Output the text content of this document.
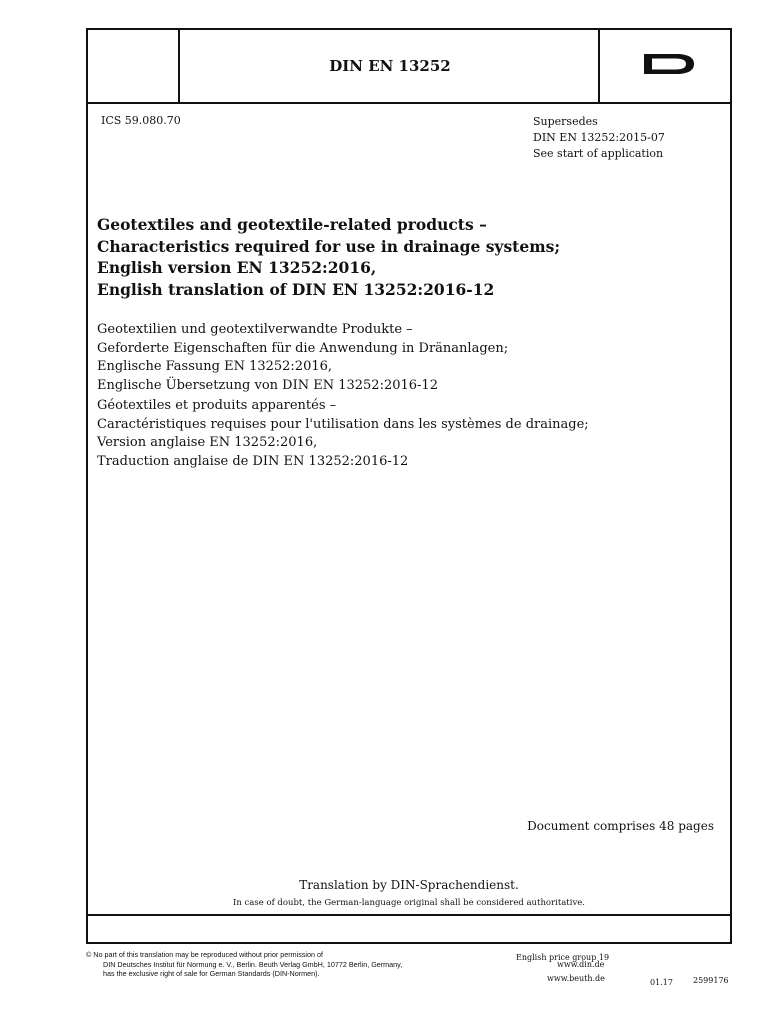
DIN EN 13252
ICS 59.080.70	Supersedes
DIN EN 13252:2015-07
See start of application
Geotextiles and geotextile-related products –
Characteristics required for use in drainage systems;
English version EN 13252:2016,
English translation of DIN EN 13252:2016-12
Geotextilien und geotextilverwandte Produkte –
Geforderte Eigenschaften für die Anwendung in Dränanlagen;
Englische Fassung EN 13252:2016,
Englische Übersetzung von DIN EN 13252:2016-12
Géotextiles et produits apparentés –
Caractéristiques requises pour l'utilisation dans les systèmes de drainage;
Version anglaise EN 13252:2016,
Traduction anglaise de DIN EN 13252:2016-12
Document comprises 48 pages
Translation by DIN-Sprachendienst.
In case of doubt, the German-language original shall be considered authoritative.
© No part of this translation may be reproduced without prior permission of
DIN Deutsches Institut für Normung e. V., Berlin. Beuth Verlag GmbH, 10772 Berlin, Germany,
has the exclusive right of sale for German Standards (DIN-Normen).
English price group 19
www.din.de
www.beuth.de	01.17	2599176
